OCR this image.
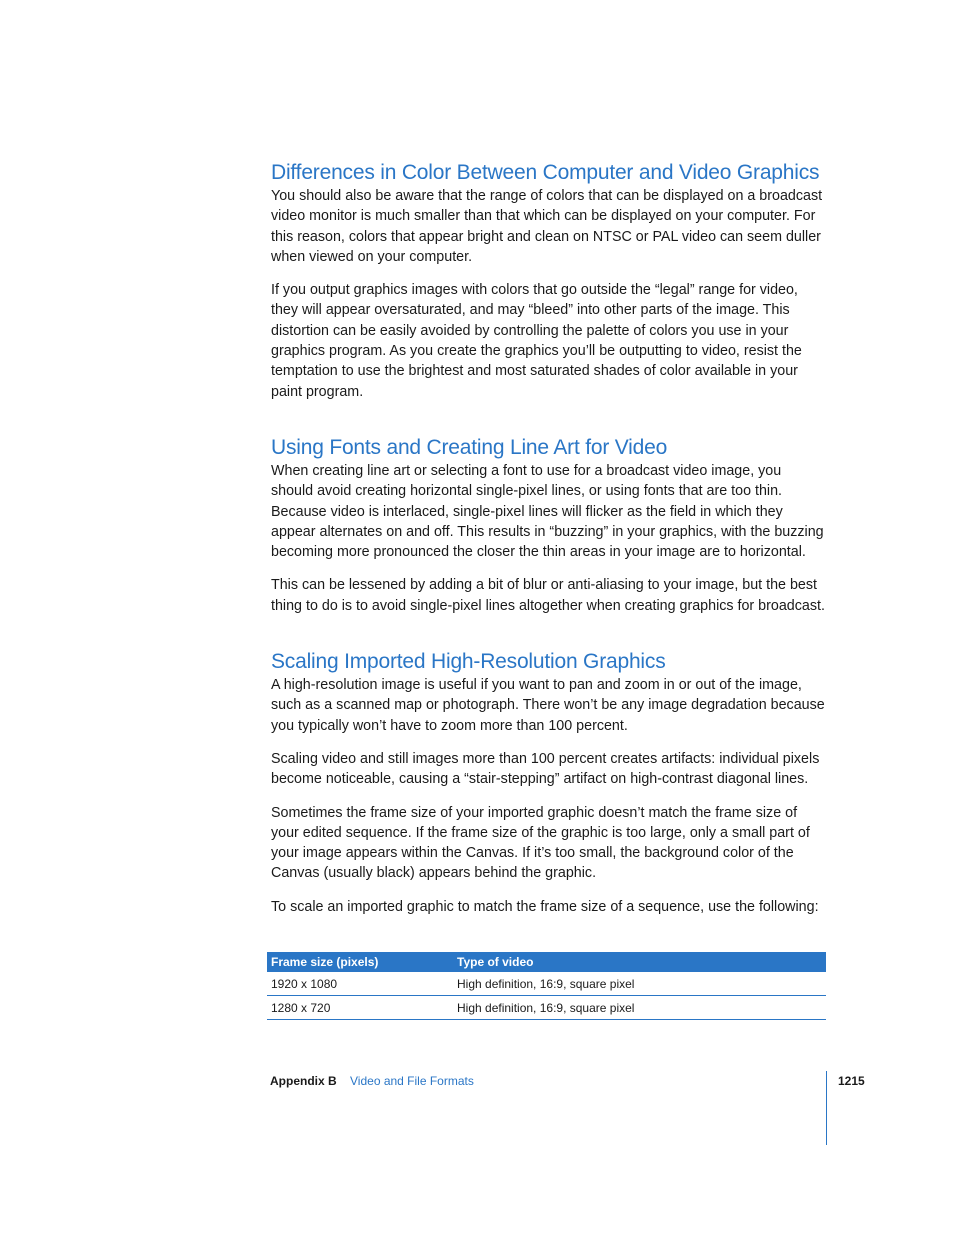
Differences in Color Between Computer and Video Graphics

You should also be aware that the range of colors that can be displayed on a broadcast video monitor is much smaller than that which can be displayed on your computer. For this reason, colors that appear bright and clean on NTSC or PAL video can seem duller when viewed on your computer.

If you output graphics images with colors that go outside the “legal” range for video, they will appear oversaturated, and may “bleed” into other parts of the image. This distortion can be easily avoided by controlling the palette of colors you use in your graphics program. As you create the graphics you’ll be outputting to video, resist the temptation to use the brightest and most saturated shades of color available in your paint program.

Using Fonts and Creating Line Art for Video

When creating line art or selecting a font to use for a broadcast video image, you should avoid creating horizontal single-pixel lines, or using fonts that are too thin. Because video is interlaced, single-pixel lines will flicker as the field in which they appear alternates on and off. This results in “buzzing” in your graphics, with the buzzing becoming more pronounced the closer the thin areas in your image are to horizontal.

This can be lessened by adding a bit of blur or anti-aliasing to your image, but the best thing to do is to avoid single-pixel lines altogether when creating graphics for broadcast.

Scaling Imported High-Resolution Graphics

A high-resolution image is useful if you want to pan and zoom in or out of the image, such as a scanned map or photograph. There won’t be any image degradation because you typically won’t have to zoom more than 100 percent.

Scaling video and still images more than 100 percent creates artifacts: individual pixels become noticeable, causing a “stair-stepping” artifact on high-contrast diagonal lines.

Sometimes the frame size of your imported graphic doesn’t match the frame size of your edited sequence. If the frame size of the graphic is too large, only a small part of your image appears within the Canvas. If it’s too small, the background color of the Canvas (usually black) appears behind the graphic.

To scale an imported graphic to match the frame size of a sequence, use the following:

Frame size (pixels)	Type of video
1920 x 1080	High definition, 16:9, square pixel
1280 x 720	High definition, 16:9, square pixel
Appendix B Video and File Formats	1215
